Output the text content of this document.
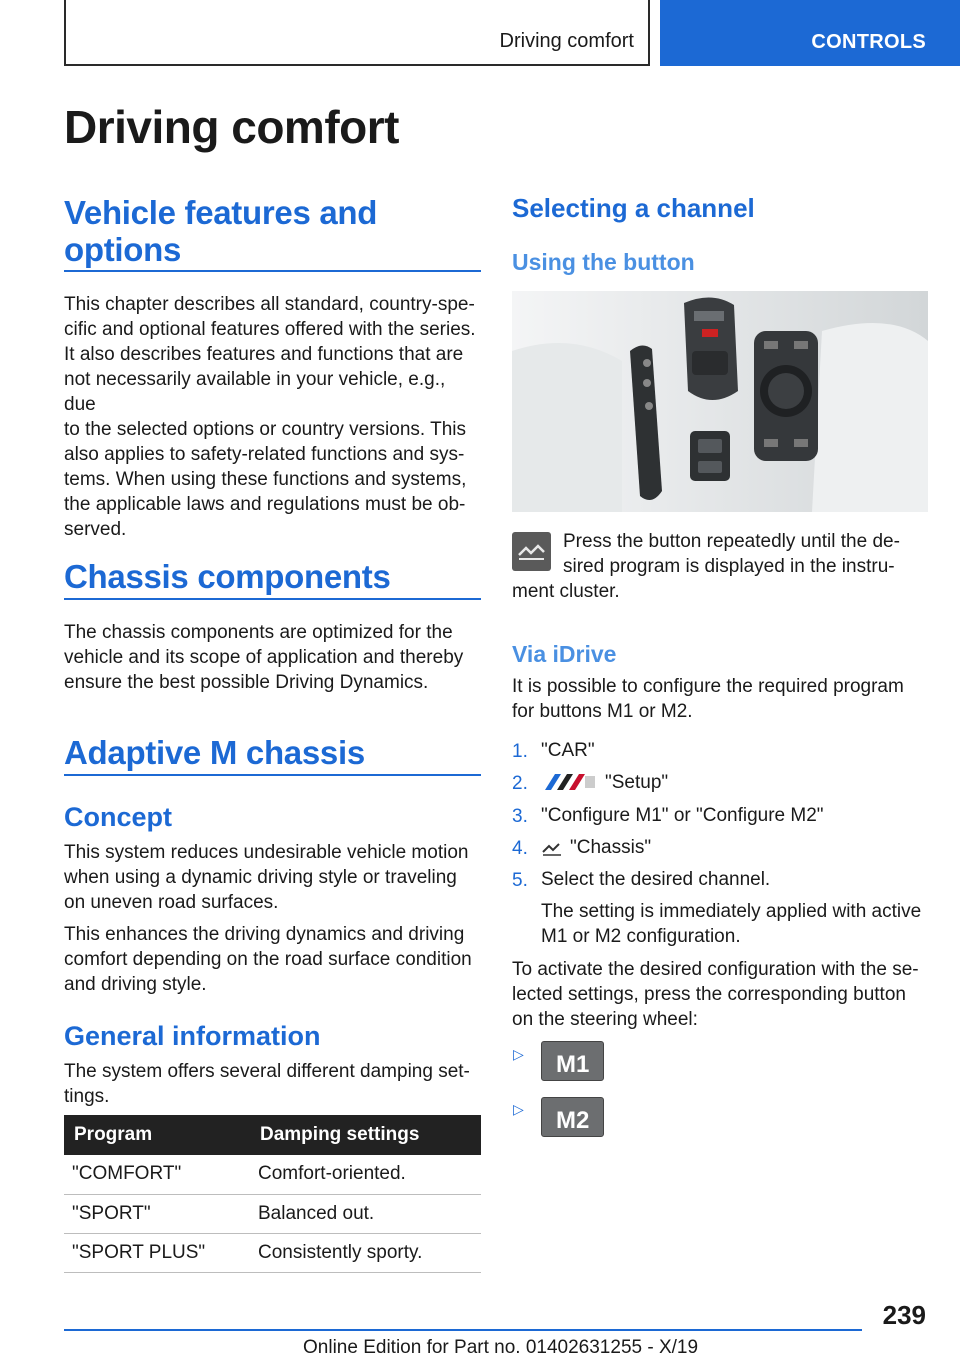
Driving comfort	CONTROLS
Driving comfort
Vehicle features and
options
This chapter describes all standard, country-spe-
cific and optional features offered with the series.
It also describes features and functions that are
not necessarily available in your vehicle, e.g., due
to the selected options or country versions. This
also applies to safety-related functions and sys-
tems. When using these functions and systems,
the applicable laws and regulations must be ob-
served.
Chassis components
The chassis components are optimized for the
vehicle and its scope of application and thereby
ensure the best possible Driving Dynamics.
Adaptive M chassis
Concept
This system reduces undesirable vehicle motion
when using a dynamic driving style or traveling
on uneven road surfaces.
This enhances the driving dynamics and driving
comfort depending on the road surface condition
and driving style.
General information
The system offers several different damping set-
tings.
Program	Damping settings
"COMFORT"	Comfort-oriented.
"SPORT"	Balanced out.
"SPORT PLUS"	Consistently sporty.
Selecting a channel
Using the button
Press the button repeatedly until the de-
sired program is displayed in the instru-
ment cluster.
Via iDrive
It is possible to configure the required program
for buttons M1 or M2.
1. "CAR"
2.	"Setup"
3. "Configure M1" or "Configure M2"
4. "Chassis"
5. Select the desired channel.
The setting is immediately applied with active
M1 or M2 configuration.
To activate the desired configuration with the se-
lected settings, press the corresponding button
on the steering wheel:
▷ M1
▷ M2
239
Online Edition for Part no. 01402631255 - X/19
